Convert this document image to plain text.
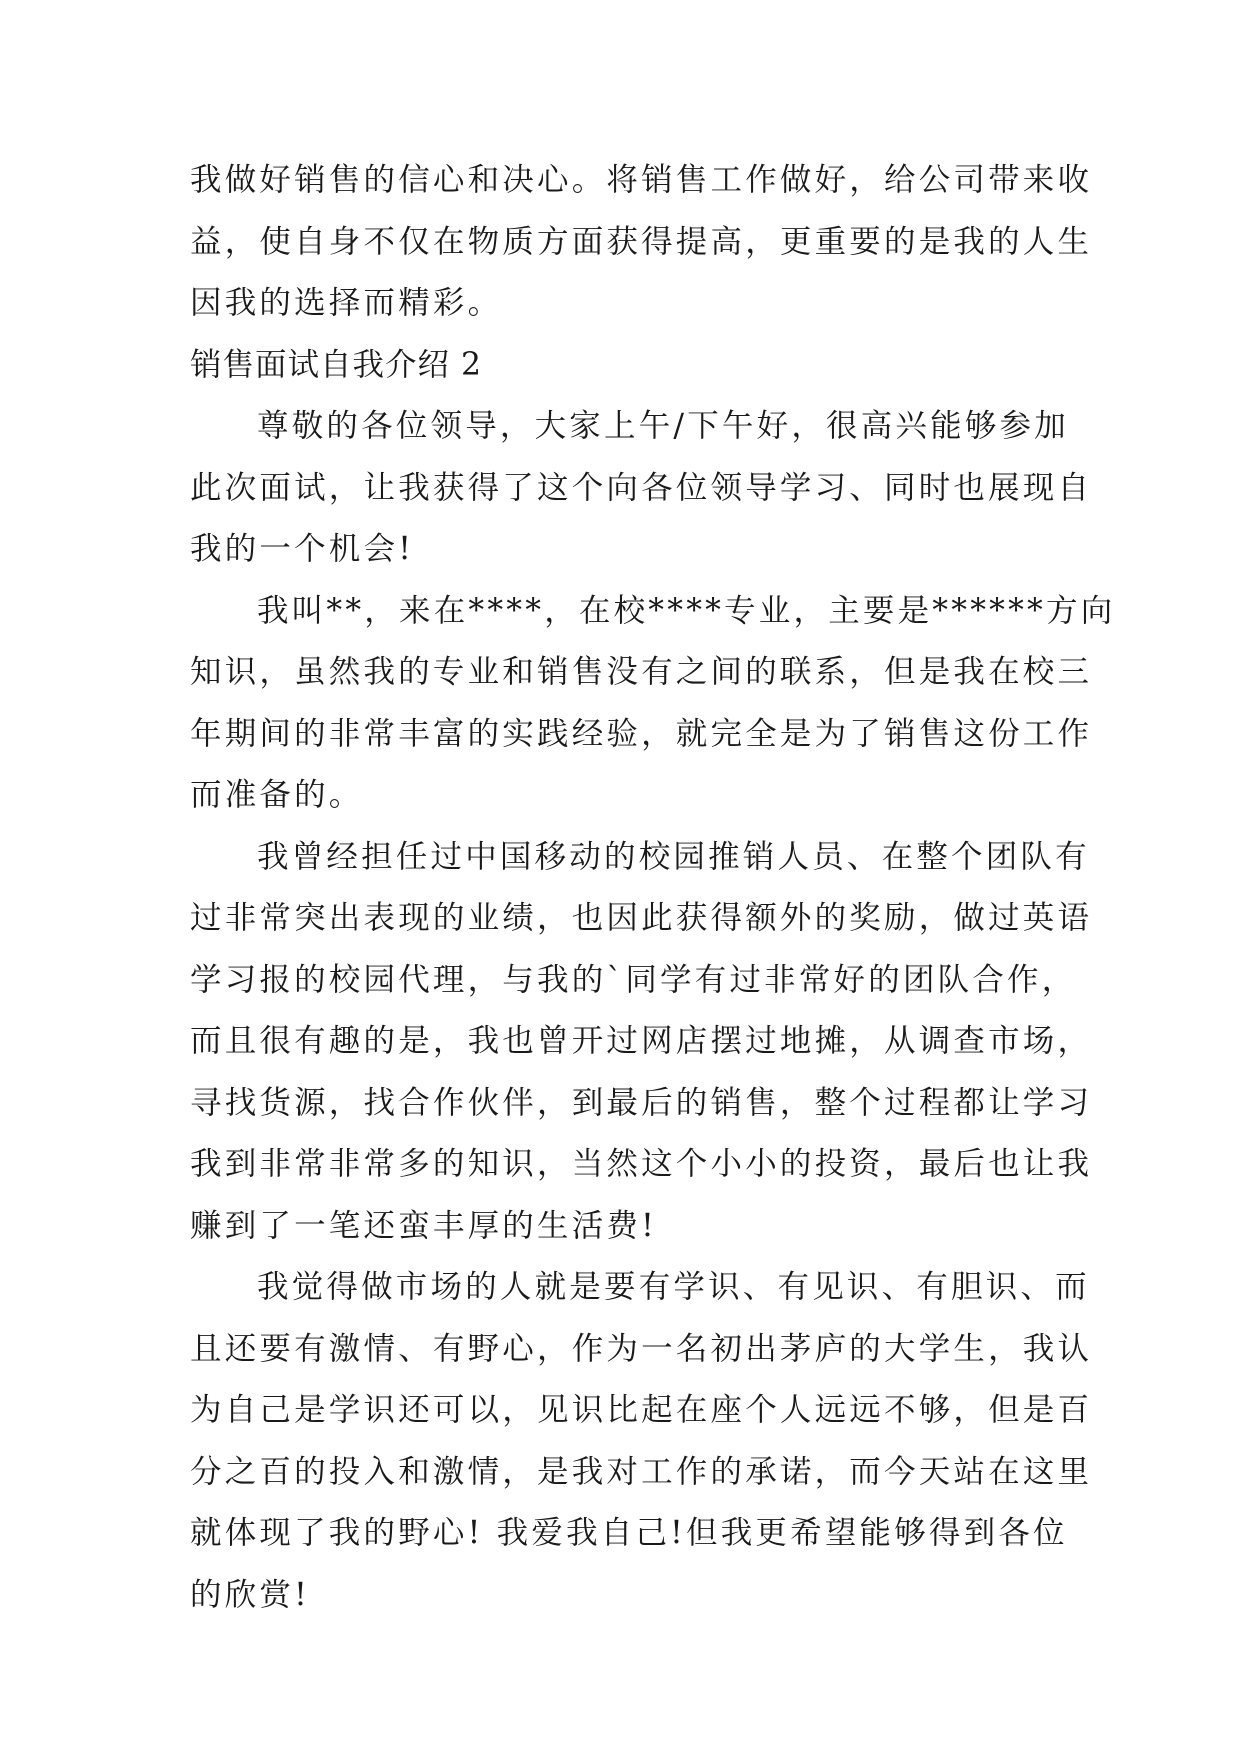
我做好销售的信心和决心。将销售工作做好，给公司带来收
益，使自身不仅在物质方面获得提高，更重要的是我的人生
因我的选择而精彩。
销售面试自我介绍 2
尊敬的各位领导，大家上午/下午好，很高兴能够参加
此次面试，让我获得了这个向各位领导学习、同时也展现自
我的一个机会!
我叫**，来在****，在校****专业，主要是******方向
知识，虽然我的专业和销售没有之间的联系，但是我在校三
年期间的非常丰富的实践经验，就完全是为了销售这份工作
而准备的。
我曾经担任过中国移动的校园推销人员、在整个团队有
过非常突出表现的业绩，也因此获得额外的奖励，做过英语
学习报的校园代理，与我的`同学有过非常好的团队合作，
而且很有趣的是，我也曾开过网店摆过地摊，从调查市场，
寻找货源，找合作伙伴，到最后的销售，整个过程都让学习
我到非常非常多的知识，当然这个小小的投资，最后也让我
赚到了一笔还蛮丰厚的生活费!
我觉得做市场的人就是要有学识、有见识、有胆识、而
且还要有激情、有野心，作为一名初出茅庐的大学生，我认
为自己是学识还可以，见识比起在座个人远远不够，但是百
分之百的投入和激情，是我对工作的承诺，而今天站在这里
就体现了我的野心! 我爱我自己!但我更希望能够得到各位
的欣赏!
